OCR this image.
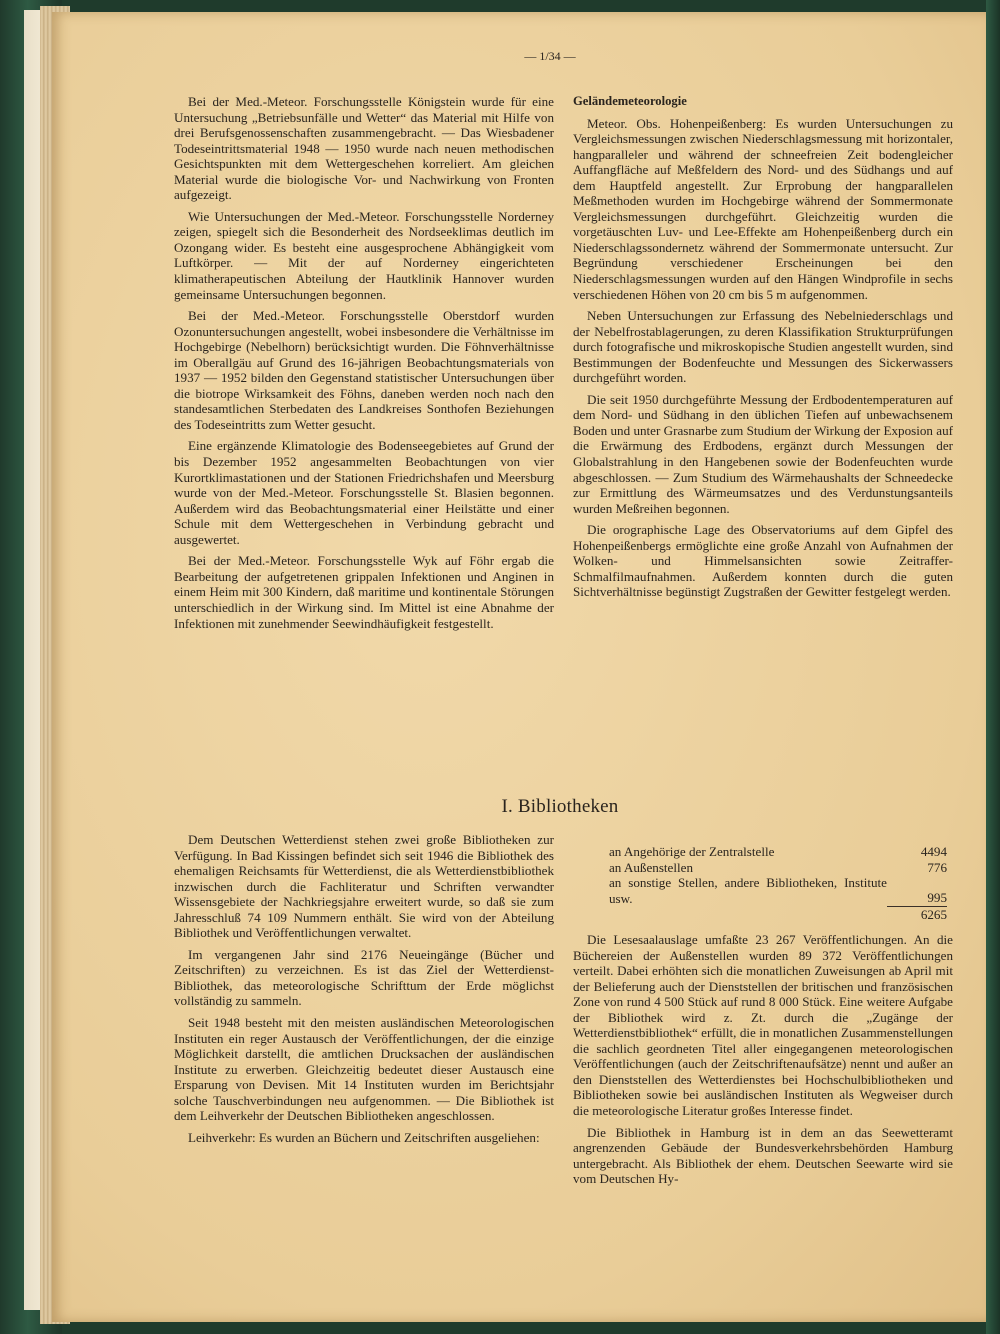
— 1/34 —

Bei der Med.-Meteor. Forschungsstelle Königstein wurde für eine Untersuchung „Betriebsunfälle und Wetter“ das Material mit Hilfe von drei Berufsgenossenschaften zusammengebracht. — Das Wiesbadener Todeseintrittsmaterial 1948 — 1950 wurde nach neuen methodischen Gesichtspunkten mit dem Wettergeschehen korreliert. Am gleichen Material wurde die biologische Vor- und Nachwirkung von Fronten aufgezeigt.

Wie Untersuchungen der Med.-Meteor. Forschungsstelle Norderney zeigen, spiegelt sich die Besonderheit des Nordseeklimas deutlich im Ozongang wider. Es besteht eine ausgesprochene Abhängigkeit vom Luftkörper. — Mit der auf Norderney eingerichteten klimatherapeutischen Abteilung der Hautklinik Hannover wurden gemeinsame Untersuchungen begonnen.

Bei der Med.-Meteor. Forschungsstelle Oberstdorf wurden Ozonuntersuchungen angestellt, wobei insbesondere die Verhältnisse im Hochgebirge (Nebelhorn) berücksichtigt wurden. Die Föhnverhältnisse im Oberallgäu auf Grund des 16-jährigen Beobachtungsmaterials von 1937 — 1952 bilden den Gegenstand statistischer Untersuchungen über die biotrope Wirksamkeit des Föhns, daneben werden noch nach den standesamtlichen Sterbedaten des Landkreises Sonthofen Beziehungen des Todeseintritts zum Wetter gesucht.

Eine ergänzende Klimatologie des Bodenseegebietes auf Grund der bis Dezember 1952 angesammelten Beobachtungen von vier Kurortklimastationen und der Stationen Friedrichshafen und Meersburg wurde von der Med.-Meteor. Forschungsstelle St. Blasien begonnen. Außerdem wird das Beobachtungsmaterial einer Heilstätte und einer Schule mit dem Wettergeschehen in Verbindung gebracht und ausgewertet.

Bei der Med.-Meteor. Forschungsstelle Wyk auf Föhr ergab die Bearbeitung der aufgetretenen grippalen Infektionen und Anginen in einem Heim mit 300 Kindern, daß maritime und kontinentale Störungen unterschiedlich in der Wirkung sind. Im Mittel ist eine Abnahme der Infektionen mit zunehmender Seewindhäufigkeit festgestellt.

Geländemeteorologie

Meteor. Obs. Hohenpeißenberg: Es wurden Untersuchungen zu Vergleichsmessungen zwischen Niederschlagsmessung mit horizontaler, hangparalleler und während der schneefreien Zeit bodengleicher Auffangfläche auf Meßfeldern des Nord- und des Südhangs und auf dem Hauptfeld angestellt. Zur Erprobung der hangparallelen Meßmethoden wurden im Hochgebirge während der Sommermonate Vergleichsmessungen durchgeführt. Gleichzeitig wurden die vorgetäuschten Luv- und Lee-Effekte am Hohenpeißenberg durch ein Niederschlagssondernetz während der Sommermonate untersucht. Zur Begründung verschiedener Erscheinungen bei den Niederschlagsmessungen wurden auf den Hängen Windprofile in sechs verschiedenen Höhen von 20 cm bis 5 m aufgenommen.

Neben Untersuchungen zur Erfassung des Nebelniederschlags und der Nebelfrostablagerungen, zu deren Klassifikation Strukturprüfungen durch fotografische und mikroskopische Studien angestellt wurden, sind Bestimmungen der Bodenfeuchte und Messungen des Sickerwassers durchgeführt worden.

Die seit 1950 durchgeführte Messung der Erdbodentemperaturen auf dem Nord- und Südhang in den üblichen Tiefen auf unbewachsenem Boden und unter Grasnarbe zum Studium der Wirkung der Exposion auf die Erwärmung des Erdbodens, ergänzt durch Messungen der Globalstrahlung in den Hangebenen sowie der Bodenfeuchten wurde abgeschlossen. — Zum Studium des Wärmehaushalts der Schneedecke zur Ermittlung des Wärmeumsatzes und des Verdunstungsanteils wurden Meßreihen begonnen.

Die orographische Lage des Observatoriums auf dem Gipfel des Hohenpeißenbergs ermöglichte eine große Anzahl von Aufnahmen der Wolken- und Himmelsansichten sowie Zeitraffer-Schmalfilmaufnahmen. Außerdem konnten durch die guten Sichtverhältnisse begünstigt Zugstraßen der Gewitter festgelegt werden.

I. Bibliotheken

Dem Deutschen Wetterdienst stehen zwei große Bibliotheken zur Verfügung. In Bad Kissingen befindet sich seit 1946 die Bibliothek des ehemaligen Reichsamts für Wetterdienst, die als Wetterdienstbibliothek inzwischen durch die Fachliteratur und Schriften verwandter Wissensgebiete der Nachkriegsjahre erweitert wurde, so daß sie zum Jahresschluß 74 109 Nummern enthält. Sie wird von der Abteilung Bibliothek und Veröffentlichungen verwaltet.

Im vergangenen Jahr sind 2176 Neueingänge (Bücher und Zeitschriften) zu verzeichnen. Es ist das Ziel der Wetterdienst-Bibliothek, das meteorologische Schrifttum der Erde möglichst vollständig zu sammeln.

Seit 1948 besteht mit den meisten ausländischen Meteorologischen Instituten ein reger Austausch der Veröffentlichungen, der die einzige Möglichkeit darstellt, die amtlichen Drucksachen der ausländischen Institute zu erwerben. Gleichzeitig bedeutet dieser Austausch eine Ersparung von Devisen. Mit 14 Instituten wurden im Berichtsjahr solche Tauschverbindungen neu aufgenommen. — Die Bibliothek ist dem Leihverkehr der Deutschen Bibliotheken angeschlossen.

Leihverkehr: Es wurden an Büchern und Zeitschriften ausgeliehen:

an Angehörige der Zentralstelle	4494
an Außenstellen	776
an sonstige Stellen, andere Bibliotheken, Institute usw.	995
	6265

Die Lesesaalauslage umfaßte 23 267 Veröffentlichungen. An die Büchereien der Außenstellen wurden 89 372 Veröffentlichungen verteilt. Dabei erhöhten sich die monatlichen Zuweisungen ab April mit der Belieferung auch der Dienststellen der britischen und französischen Zone von rund 4 500 Stück auf rund 8 000 Stück. Eine weitere Aufgabe der Bibliothek wird z. Zt. durch die „Zugänge der Wetterdienstbibliothek“ erfüllt, die in monatlichen Zusammenstellungen die sachlich geordneten Titel aller eingegangenen meteorologischen Veröffentlichungen (auch der Zeitschriftenaufsätze) nennt und außer an den Dienststellen des Wetterdienstes bei Hochschulbibliotheken und Bibliotheken sowie bei ausländischen Instituten als Wegweiser durch die meteorologische Literatur großes Interesse findet.

Die Bibliothek in Hamburg ist in dem an das Seewetteramt angrenzenden Gebäude der Bundesverkehrsbehörden Hamburg untergebracht. Als Bibliothek der ehem. Deutschen Seewarte wird sie vom Deutschen Hy-
